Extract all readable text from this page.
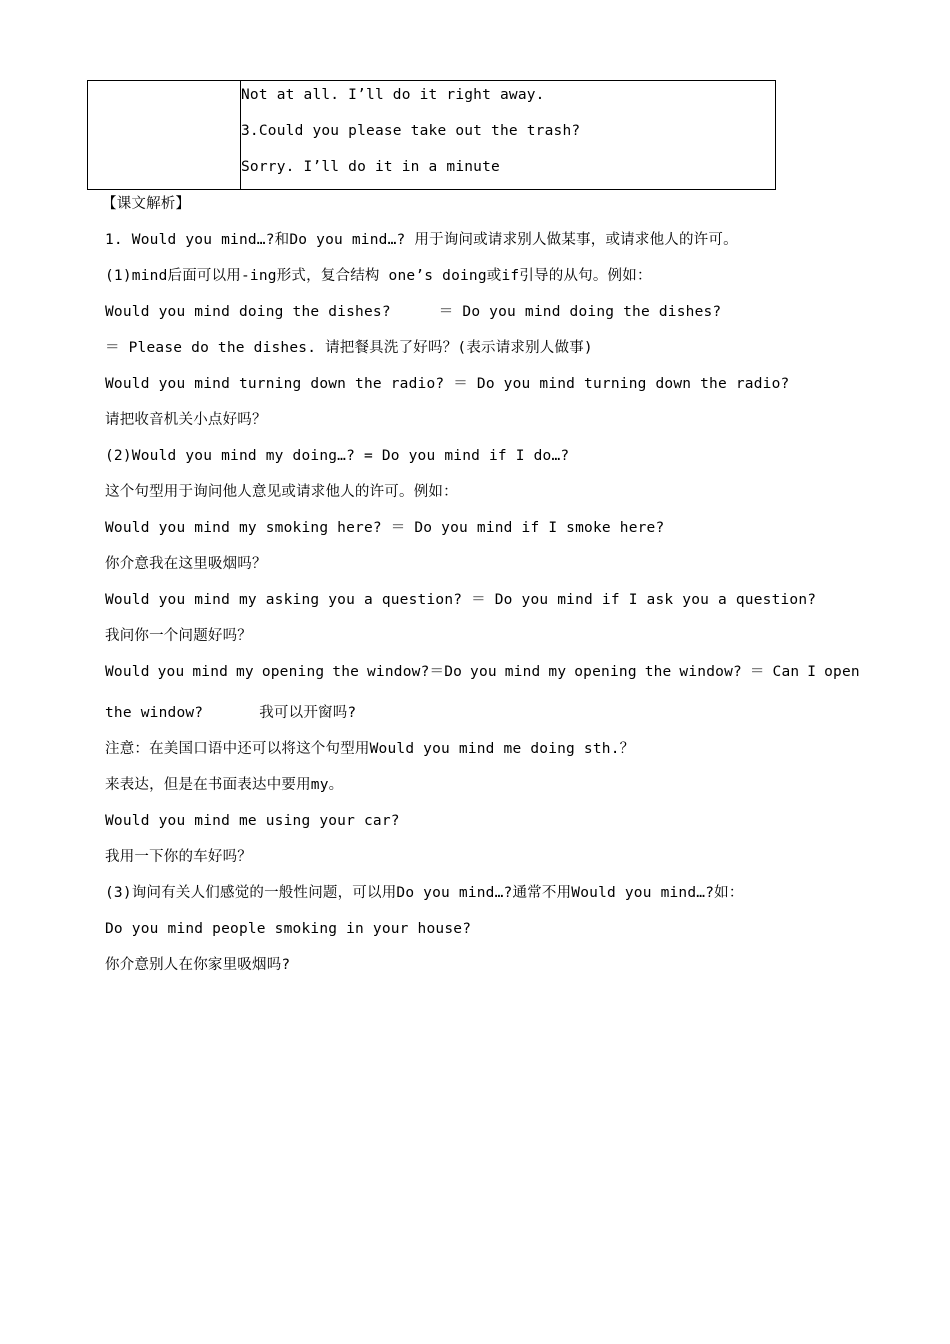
Not at all. I’ll do it right away.
3.Could you please take out the trash?
Sorry. I’ll do it in a minute
【课文解析】
1. Would you mind…?和Do you mind…? 用于询问或请求别人做某事，或请求他人的许可。
(1)mind后面可以用-ing形式，复合结构 one’s doing或if引导的从句。例如：
Would you mind doing the dishes?	＝ Do you mind doing the dishes?
＝ Please do the dishes. 请把餐具洗了好吗？(表示请求别人做事)
Would you mind turning down the radio? ＝ Do you mind turning down the radio?
请把收音机关小点好吗？
(2)Would you mind my doing…? = Do you mind if I do…?
这个句型用于询问他人意见或请求他人的许可。例如：
Would you mind my smoking here? ＝ Do you mind if I smoke here?
你介意我在这里吸烟吗？
Would you mind my asking you a question? ＝ Do you mind if I ask you a question?
我问你一个问题好吗？
Would you mind my opening the window?＝Do you mind my opening the window? ＝ Can I open
the window?	我可以开窗吗?
注意：在美国口语中还可以将这个句型用Would you mind me doing sth.？
来表达，但是在书面表达中要用my。
Would you mind me using your car?
我用一下你的车好吗？
(3)询问有关人们感觉的一般性问题，可以用Do you mind…?通常不用Would you mind…?如：
Do you mind people smoking in your house?
你介意别人在你家里吸烟吗?
